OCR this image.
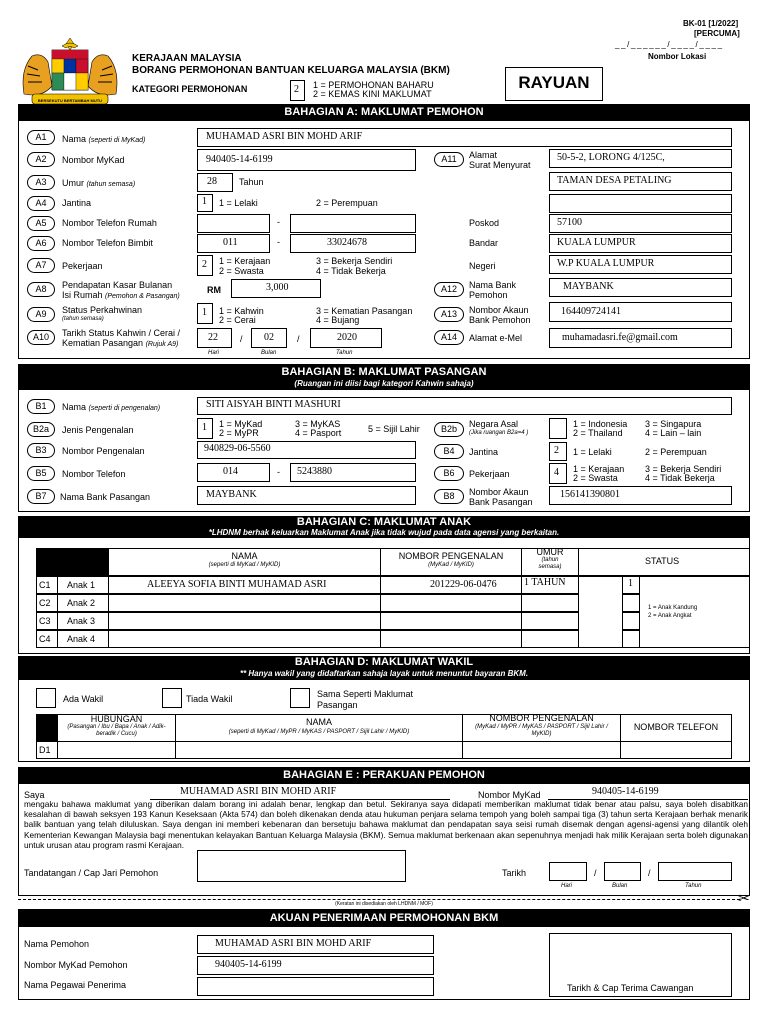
BERSEKUTU BERTAMBAH MUTU
BK-01 [1/2022]
[PERCUMA]
_ _ / _ _ _ _ _ _ / _ _ _ _ / _ _ _ _
Nombor Lokasi
KERAJAAN MALAYSIA
BORANG PERMOHONAN BANTUAN KELUARGA MALAYSIA (BKM)
KATEGORI PERMOHONAN	2 1 = PERMOHONAN BAHARU
2 = KEMAS KINI MAKLUMAT
RAYUAN
BAHAGIAN A: MAKLUMAT PEMOHON
A1	Nama (seperti di MyKad)	MUHAMAD ASRI BIN MOHD ARIF
A2	Nombor MyKad	940405-14-6199
A3	Umur (tahun semasa)	28 Tahun
A4	Jantina	1 1 = Lelaki	2 = Perempuan
A5	Nombor Telefon Rumah	-
A6	Nombor Telefon Bimbit	011	-	33024678
A7	Pekerjaan	2 1 = Kerajaan
2 = Swasta
3 = Bekerja Sendiri
4 = Tidak Bekerja
A8	Pendapatan Kasar Bulanan
Isi Rumah (Pemohon & Pasangan)
RM	3,000
A9	Status Perkahwinan
(tahun semasa)
1 1 = Kahwin
2 = Cerai
3 = Kematian Pasangan
4 = Bujang
A10	Tarikh Status Kahwin / Cerai /
Kematian Pasangan (Rujuk A9)
22 / 02	/	2020
Hari	Bulan	Tahun
A11	Alamat
Surat Menyurat
50-5-2, LORONG 4/125C,
TAMAN DESA PETALING
Poskod	57100
Bandar	KUALA LUMPUR
Negeri	W.P KUALA LUMPUR
A12	Nama Bank
Pemohon
MAYBANK
A13	Nombor Akaun
Bank Pemohon
164409724141
A14	Alamat e-Mel	muhamadasri.fe@gmail.com
BAHAGIAN B: MAKLUMAT PASANGAN
(Ruangan ini diisi bagi kategori Kahwin sahaja)
B1	Nama (seperti di pengenalan)	SITI AISYAH BINTI MASHURI
B2a	Jenis Pengenalan	1 1 = MyKad
2 = MyPR
3 = MyKAS
4 = Pasport	5 = Sijil Lahir	B2b	Negara Asal
(Jika ruangan B2a=4 )
1 = Indonesia
2 = Thailand
3 = Singapura
4 = Lain – lain
B3	Nombor Pengenalan	940829-06-5560	B4	Jantina	2 1 = Lelaki	2 = Perempuan
B5	Nombor Telefon	014	- 5243880	B6	Pekerjaan	4 1 = Kerajaan
2 = Swasta
3 = Bekerja Sendiri
4 = Tidak Bekerja
B7	Nama Bank Pasangan	MAYBANK	B8	Nombor Akaun
Bank Pasangan
156141390801
BAHAGIAN C: MAKLUMAT ANAK
*LHDNM berhak keluarkan Maklumat Anak jika tidak wujud pada data agensi yang berkaitan.
NAMA
(seperti di MyKad / MyKID)
NOMBOR PENGENALAN
(MyKad / MyKID)
UMUR
(tahun semasa)
STATUS
C1 Anak 1	ALEEYA SOFIA BINTI MUHAMAD ASRI	201229-06-0476	1 TAHUN	1
C2 Anak 2
C3 Anak 3
C4 Anak 4
1 = Anak Kandung
2 = Anak Angkat
BAHAGIAN D: MAKLUMAT WAKIL
** Hanya wakil yang didaftarkan sahaja layak untuk menuntut bayaran BKM.
Ada Wakil	Tiada Wakil	Sama Seperti Maklumat
Pasangan
HUBUNGAN
(Pasangan / Ibu / Bapa / Anak / Adik-beradik / Cucu)
NAMA
(seperti di MyKad / MyPR / MyKAS / PASPORT / Sijil Lahir / MyKID)
NOMBOR PENGENALAN
(MyKad / MyPR / MyKAS / PASPORT / Sijil Lahir / MyKID)
NOMBOR TELEFON
D1
BAHAGIAN E : PERAKUAN PEMOHON
Saya	MUHAMAD ASRI BIN MOHD ARIF	Nombor MyKad	940405-14-6199
mengaku bahawa maklumat yang diberikan dalam borang ini adalah benar, lengkap dan betul. Sekiranya saya didapati memberikan maklumat tidak benar atau palsu, saya boleh disabitkan kesalahan di bawah seksyen 193 Kanun Keseksaan (Akta 574) dan boleh dikenakan denda atau hukuman penjara selama tempoh yang boleh sampai tiga (3) tahun serta Kerajaan berhak menarik balik bantuan yang telah diluluskan. Saya dengan ini memberi kebenaran dan bersetuju bahawa maklumat dan pendapatan saya seisi rumah disemak dengan agensi-agensi yang dilantik oleh Kementerian Kewangan Malaysia bagi menentukan kelayakan Bantuan Keluarga Malaysia (BKM). Semua maklumat berkenaan akan sepenuhnya menjadi hak milik Kerajaan serta boleh digunakan untuk urusan atau program rasmi Kerajaan.
Tandatangan / Cap Jari Pemohon	Tarikh	/	/
Hari	Bulan	Tahun
✂
(Keratan ini disediakan oleh LHDNM / MOF)
AKUAN PENERIMAAN PERMOHONAN BKM
Nama Pemohon	MUHAMAD ASRI BIN MOHD ARIF
Nombor MyKad Pemohon	940405-14-6199
Nama Pegawai Penerima	Tarikh & Cap Terima Cawangan
